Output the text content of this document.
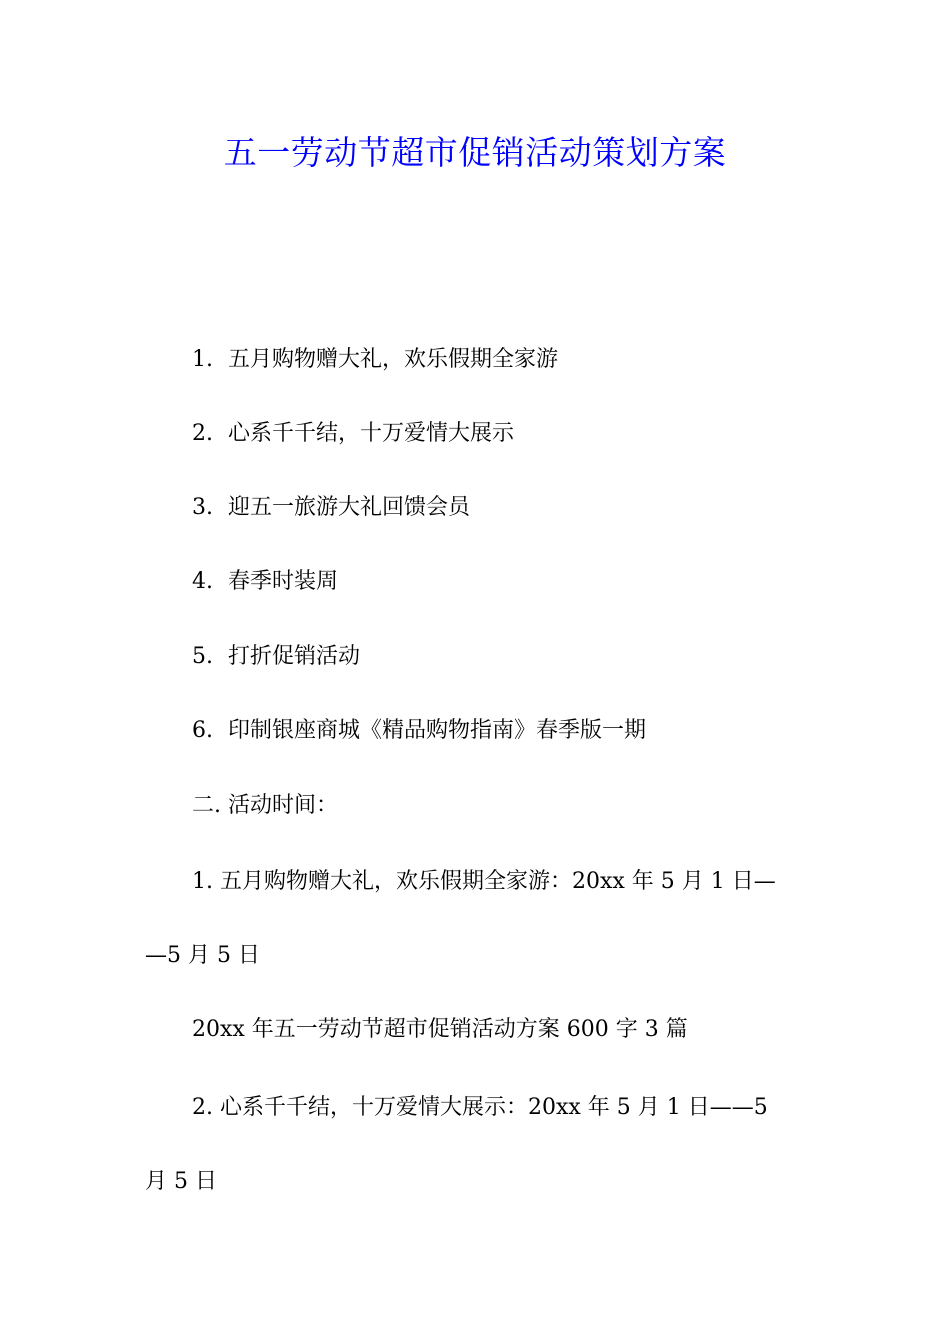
五一劳动节超市促销活动策划方案
1. 五月购物赠大礼，欢乐假期全家游
2. 心系千千结，十万爱情大展示
3. 迎五一旅游大礼回馈会员
4. 春季时装周
5. 打折促销活动
6. 印制银座商城《精品购物指南》春季版一期

二. 活动时间：

1. 五月购物赠大礼，欢乐假期全家游：20xx 年 5 月 1 日—

—5 月 5 日

20xx 年五一劳动节超市促销活动方案 600 字 3 篇

2. 心系千千结，十万爱情大展示：20xx 年 5 月 1 日——5

月 5 日
